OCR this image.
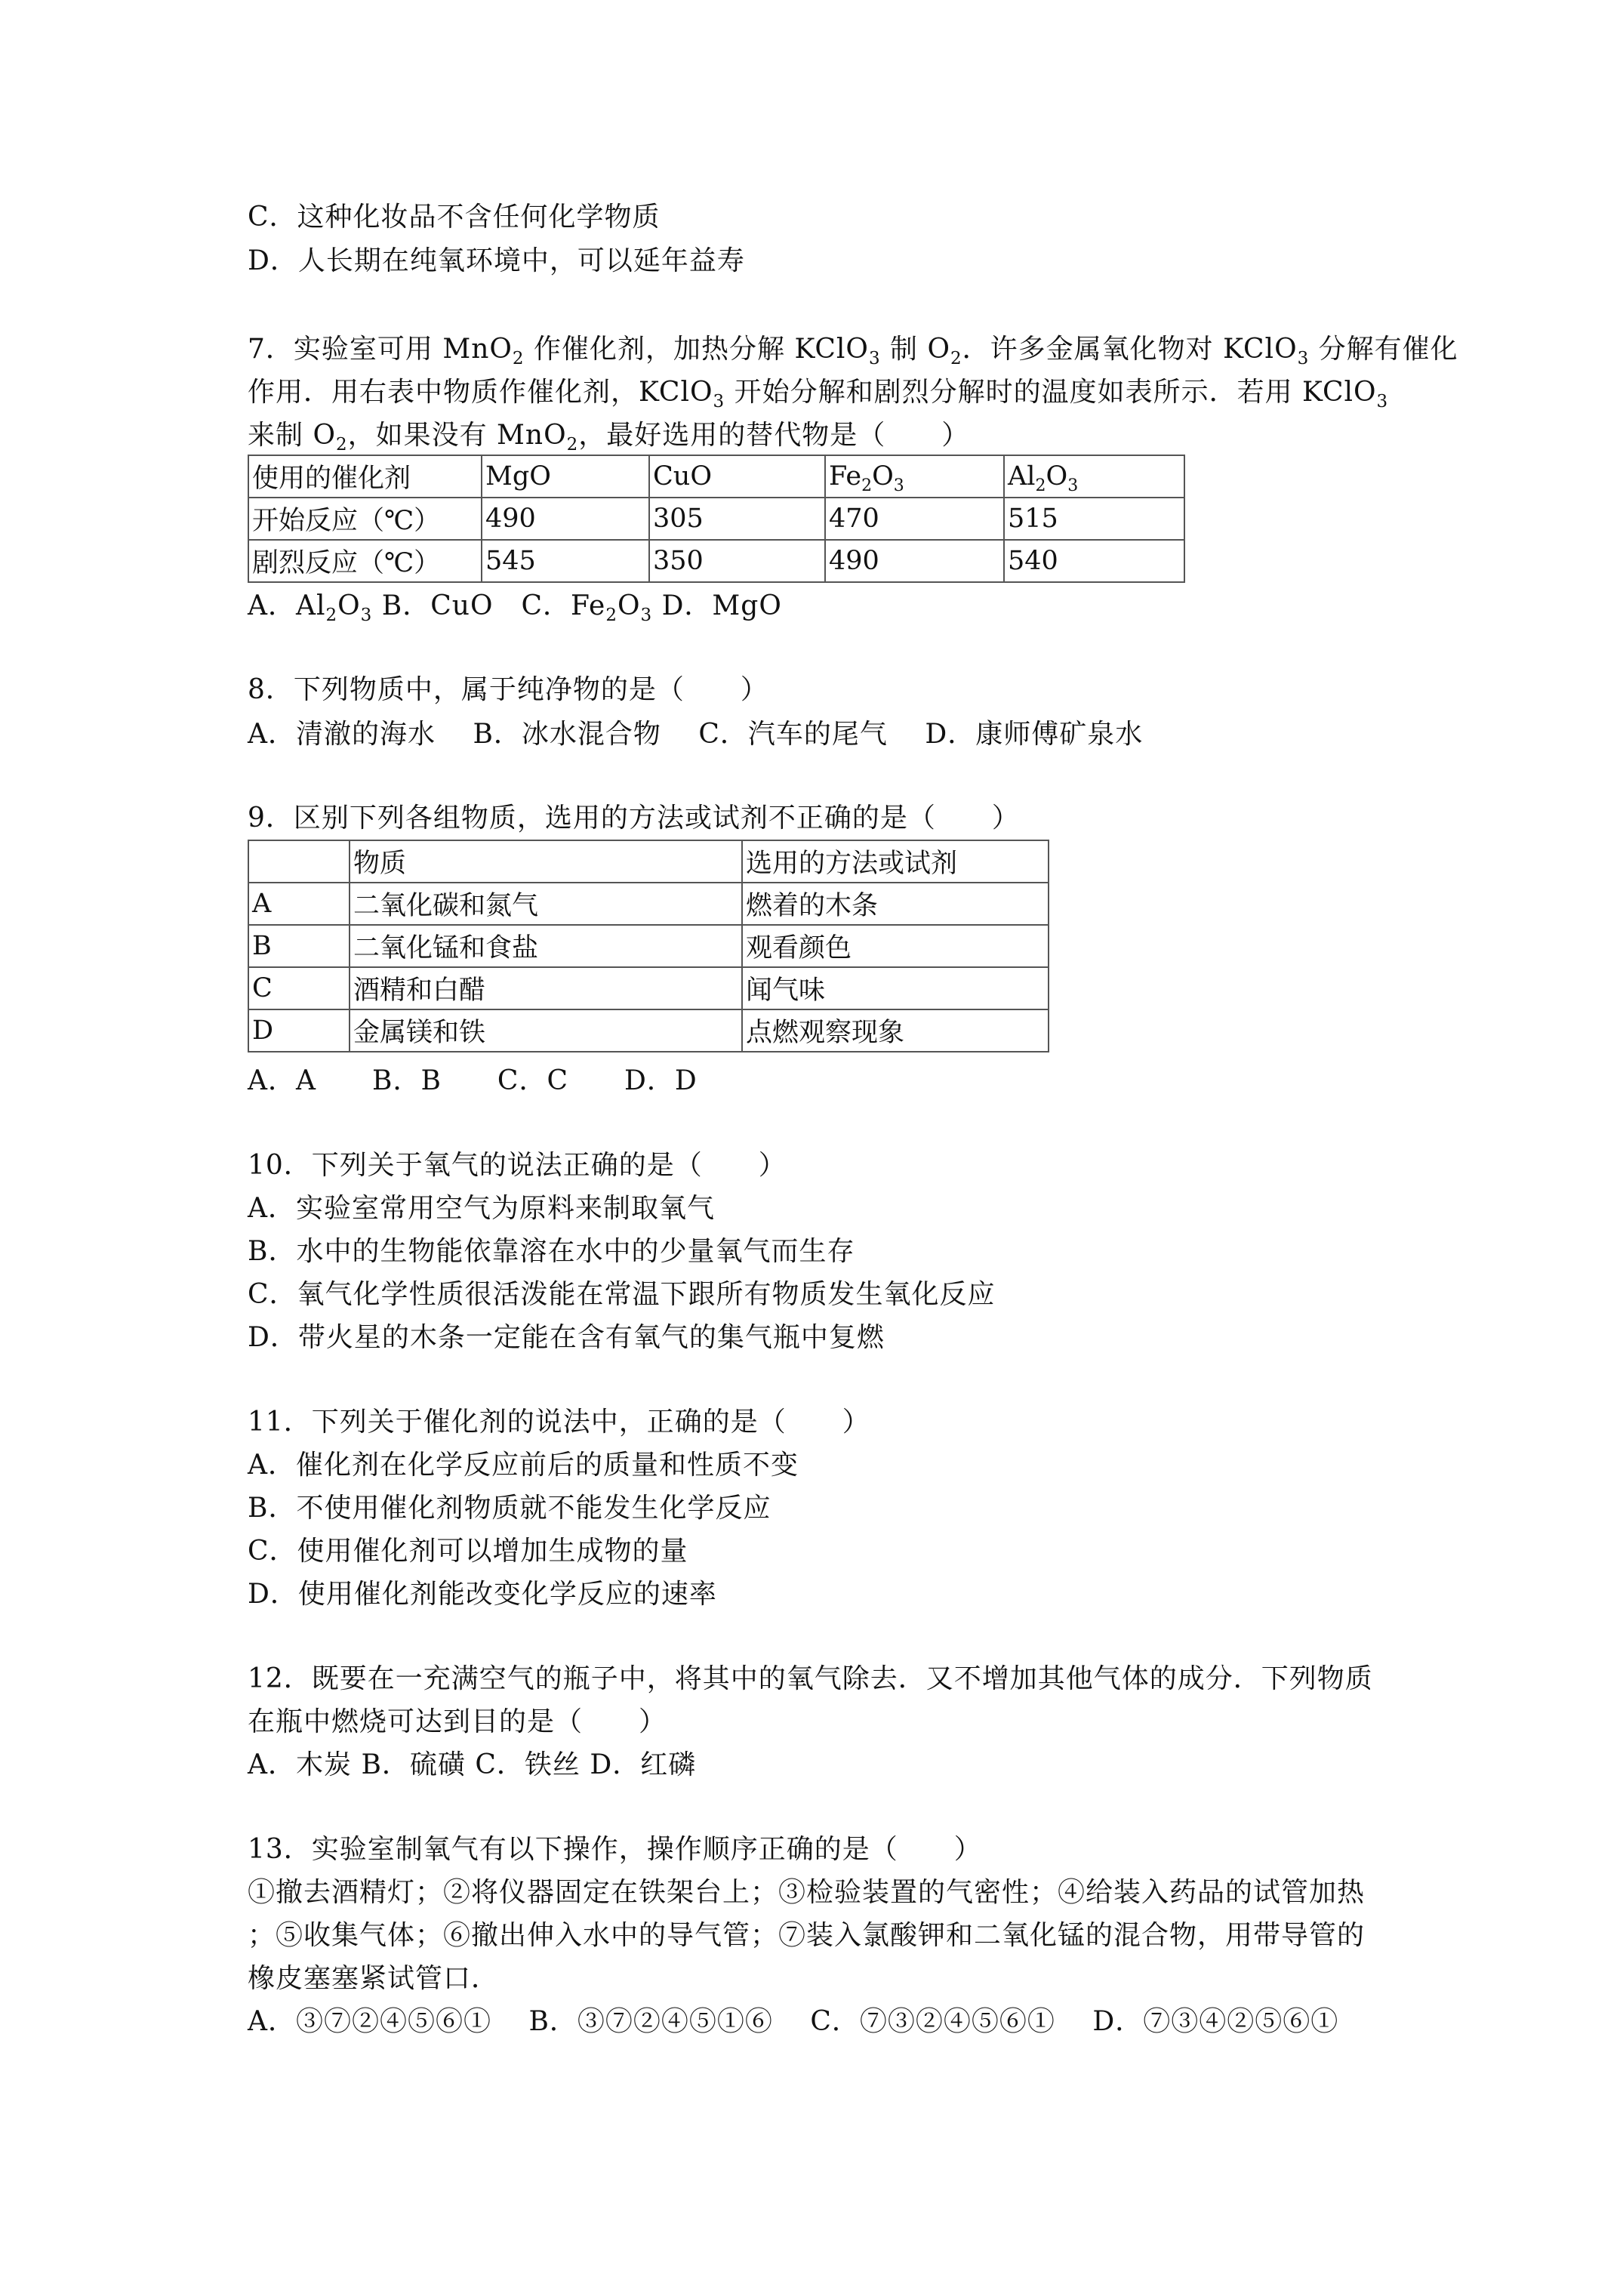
C．这种化妆品不含任何化学物质
D．人长期在纯氧环境中，可以延年益寿
7．实验室可用 MnO$_2$ 作催化剂，加热分解 KClO$_3$ 制 $O_2$．许多金属氧化物对 KClO$_3$ 分解有催化
作用．用右表中物质作催化剂，KClO$_3$ 开始分解和剧烈分解时的温度如表所示．若用 KClO$_3$
来制 $O_2$，如果没有 MnO$_2$，最好选用的替代物是（　　）
使用的催化剂	MgO	CuO	$Fe_2O_3$	$Al_2O_3$
开始反应（℃）	490	305	470	515
剧烈反应（℃）	545	350	490	540
A．$Al_2O_3$ B．CuO　C．$Fe_2O_3$ D．MgO
8．下列物质中，属于纯净物的是（　　）
A．清澈的海水　 B．冰水混合物　 C．汽车的尾气　 D．康师傅矿泉水
9．区别下列各组物质，选用的方法或试剂不正确的是（　　）
	物质	选用的方法或试剂
A	二氧化碳和氮气	燃着的木条
B	二氧化锰和食盐	观看颜色
C	酒精和白醋	闻气味
D	金属镁和铁	点燃观察现象
A．A　　B．B　　C．C　　D．D
10．下列关于氧气的说法正确的是（　　）
A．实验室常用空气为原料来制取氧气
B．水中的生物能依靠溶在水中的少量氧气而生存
C．氧气化学性质很活泼能在常温下跟所有物质发生氧化反应
D．带火星的木条一定能在含有氧气的集气瓶中复燃
11．下列关于催化剂的说法中，正确的是（　　）
A．催化剂在化学反应前后的质量和性质不变
B．不使用催化剂物质就不能发生化学反应
C．使用催化剂可以增加生成物的量
D．使用催化剂能改变化学反应的速率
12．既要在一充满空气的瓶子中，将其中的氧气除去．又不增加其他气体的成分．下列物质
在瓶中燃烧可达到目的是（　　）
A．木炭 B．硫磺 C．铁丝 D．红磷
13．实验室制氧气有以下操作，操作顺序正确的是（　　）
①撤去酒精灯；②将仪器固定在铁架台上；③检验装置的气密性；④给装入药品的试管加热
；⑤收集气体；⑥撤出伸入水中的导气管；⑦装入氯酸钾和二氧化锰的混合物，用带导管的
橡皮塞塞紧试管口．
A．③⑦②④⑤⑥①　 B．③⑦②④⑤①⑥　 C．⑦③②④⑤⑥①　 D．⑦③④②⑤⑥①
